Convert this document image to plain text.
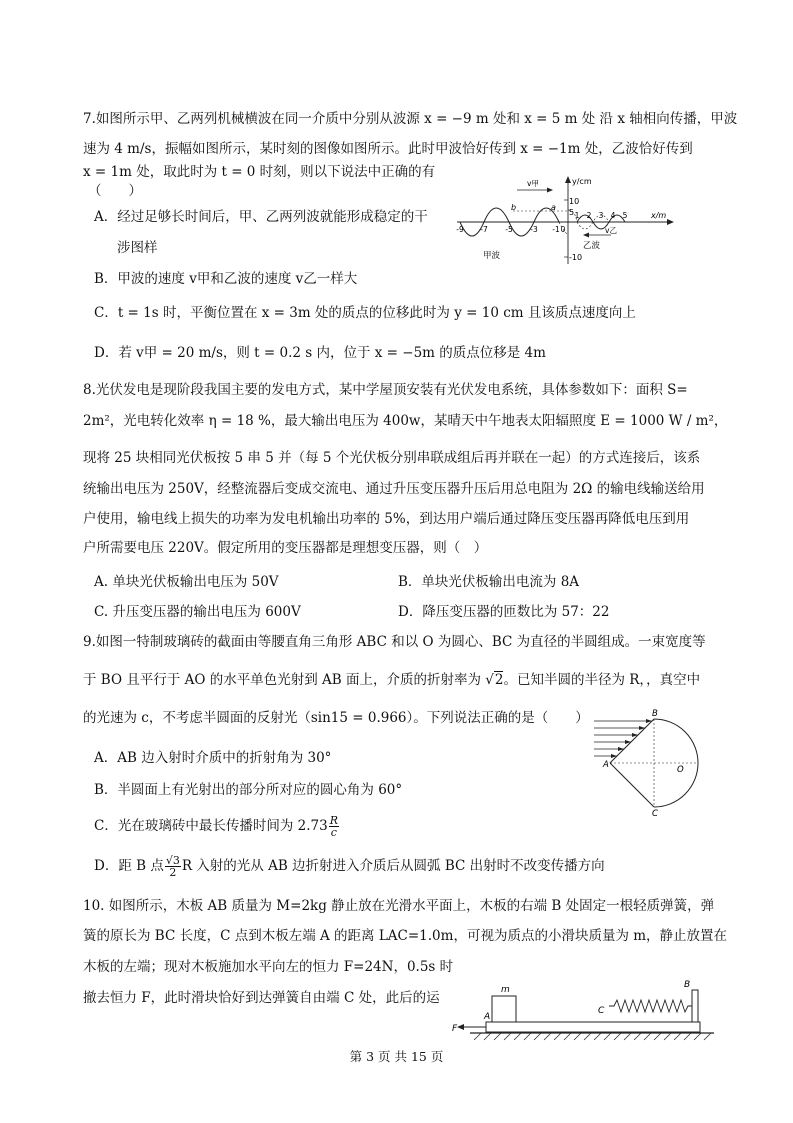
7.如图所示甲、乙两列机械横波在同一介质中分别从波源 x = −9 m 处和 x = 5 m 处 沿 x 轴相向传播，甲波
速为 4 m/s，振幅如图所示，某时刻的图像如图所示。此时甲波恰好传到 x = −1m 处，乙波恰好传到
x = 1m 处，取此时为 t = 0 时刻，则以下说法中正确的有
（　　）
A．经过足够长时间后，甲、乙两列波就能形成稳定的干
涉图样
B．甲波的速度 v甲和乙波的速度 v乙一样大
C．t = 1s 时，平衡位置在 x = 3m 处的质点的位移此时为 y = 10 cm 且该质点速度向上
D．若 v甲 = 20 m/s，则 t = 0.2 s 内，位于 x = −5m 的质点位移是 4m
y/cm
x/m
10
5
-10
-9 -7 -5 -3 -1 0
1 2 3 4 5
a
b
v甲
v乙
甲波
乙波
8.光伏发电是现阶段我国主要的发电方式，某中学屋顶安装有光伏发电系统，具体参数如下：面积 S=
2m²，光电转化效率 η = 18 %，最大输出电压为 400w，某晴天中午地表太阳辐照度 E = 1000 W / m²，
现将 25 块相同光伏板按 5 串 5 并（每 5 个光伏板分别串联成组后再并联在一起）的方式连接后，该系
统输出电压为 250V，经整流器后变成交流电、通过升压变压器升压后用总电阻为 2Ω 的输电线输送给用
户使用，输电线上损失的功率为发电机输出功率的 5%，到达用户端后通过降压变压器再降低电压到用
户所需要电压 220V。假定所用的变压器都是理想变压器，则（　）
A. 单块光伏板输出电压为 50V	B．单块光伏板输出电流为 8A
C. 升压变压器的输出电压为 600V	D．降压变压器的匝数比为 57：22
9.如图一特制玻璃砖的截面由等腰直角三角形 ABC 和以 O 为圆心、BC 为直径的半圆组成。一束宽度等
于 BO 且平行于 AO 的水平单色光射到 AB 面上，介质的折射率为 √2。已知半圆的半径为 R，，真空中
的光速为 c，不考虑半圆面的反射光（sin15 = 0.966）。下列说法正确的是（　　）
A．AB 边入射时介质中的折射角为 30°
B．半圆面上有光射出的部分所对应的圆心角为 60°
C．光在玻璃砖中最长传播时间为 $2.73 \frac{R}{c}$
D．距 B 点 $\frac{√3}{2}$ R 入射的光从 AB 边折射进入介质后从圆弧 BC 出射时不改变传播方向
B
A	O
C
10. 如图所示，木板 AB 质量为 M=2kg 静止放在光滑水平面上，木板的右端 B 处固定一根轻质弹簧，弹
簧的原长为 BC 长度，C 点到木板左端 A 的距离 LAC=1.0m，可视为质点的小滑块质量为 m，静止放置在
木板的左端；现对木板施加水平向左的恒力 F=24N，0.5s 时
撤去恒力 F，此时滑块恰好到达弹簧自由端 C 处，此后的运	m
A
F
B
C
第 3 页 共 15 页
